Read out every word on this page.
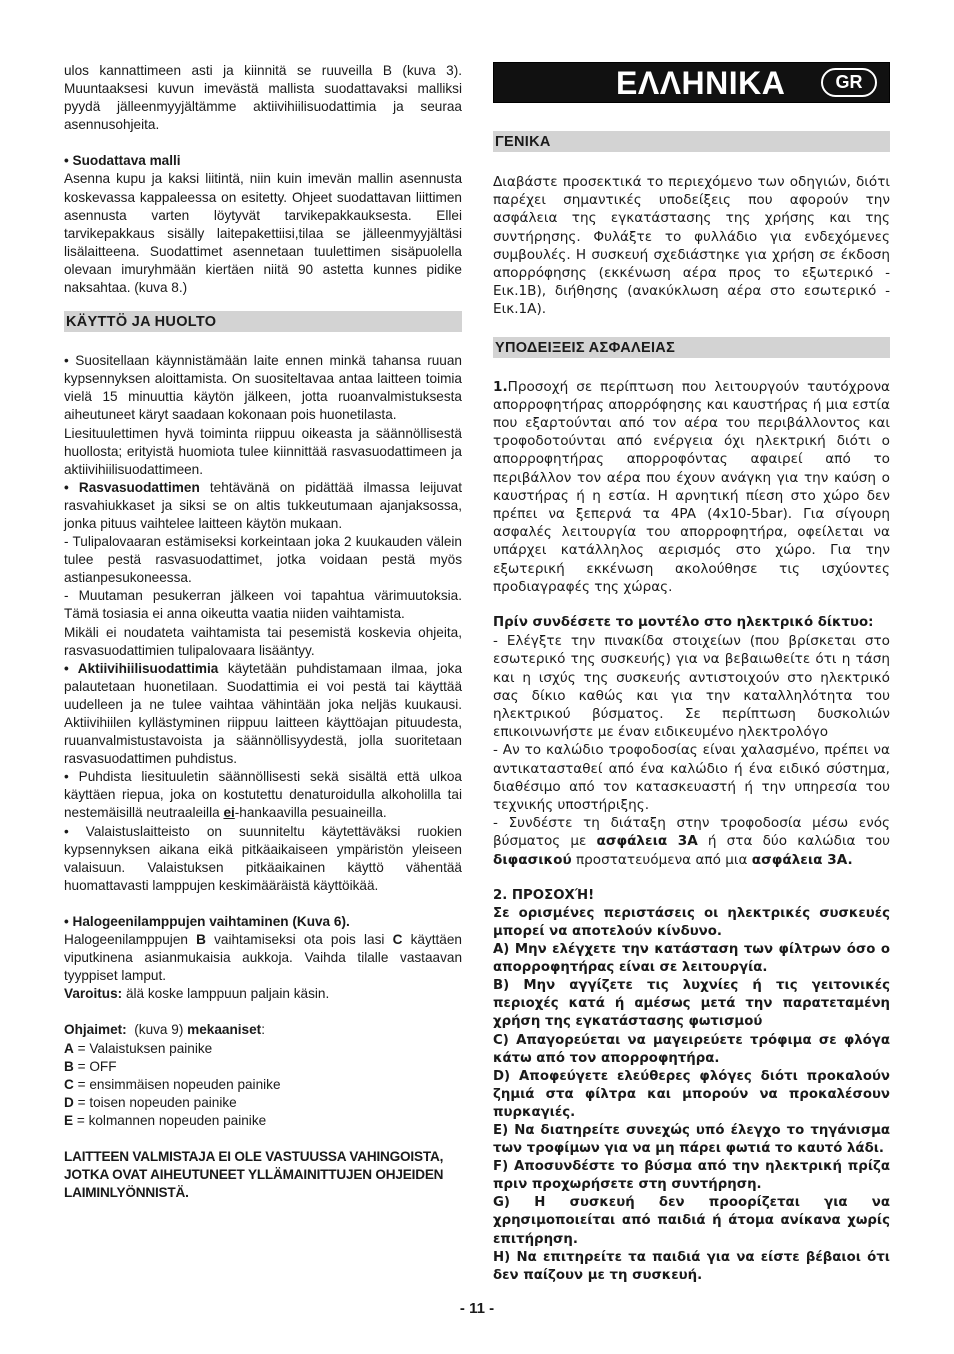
ulos kannattimeen asti ja kiinnitä se ruuveilla B (kuva 3). Muuntaaksesi kuvun imevästä mallista suodattavaksi malliksi pyydä jälleenmyyjältämme aktiivihiilisuodattimia ja seuraa asennusohjeita.

• Suodattava malli

Asenna kupu ja kaksi liitintä, niin kuin imevän mallin asennusta koskevassa kappaleessa on esitetty. Ohjeet suodattavan liittimen asennusta varten löytyvät tarvikepakkauksesta. Ellei tarvikepakkaus sisälly laitepakettiisi,tilaa se jälleenmyyjältäsi lisälaitteena. Suodattimet asennetaan tuulettimen sisäpuolella olevaan imuryhmään kiertäen niitä 90 astetta kunnes pidike naksahtaa. (kuva 8.)

KÄYTTÖ JA HUOLTO

• Suositellaan käynnistämään laite ennen minkä tahansa ruuan kypsennyksen aloittamista. On suositeltavaa antaa laitteen toimia vielä 15 minuuttia käytön jälkeen, jotta ruoanvalmistuksesta aiheutuneet käryt saadaan kokonaan pois huonetilasta.

Liesituulettimen hyvä toiminta riippuu oikeasta ja säännöllisestä huollosta; erityistä huomiota tulee kiinnittää rasvasuodattimeen ja aktiivihiilisuodattimeen.

• Rasvasuodattimen tehtävänä on pidättää ilmassa leijuvat rasvahiukkaset ja siksi se on altis tukkeutumaan ajanjaksossa, jonka pituus vaihtelee laitteen käytön mukaan.

- Tulipalovaaran estämiseksi korkeintaan joka 2 kuukauden välein tulee pestä rasvasuodattimet, jotka voidaan pestä myös astianpesukoneessa.

- Muutaman pesukerran jälkeen voi tapahtua värimuutoksia. Tämä tosiasia ei anna oikeutta vaatia niiden vaihtamista.

Mikäli ei noudateta vaihtamista tai pesemistä koskevia ohjeita, rasvasuodattimien tulipalovaara lisääntyy.

• Aktiivihiilisuodattimia käytetään puhdistamaan ilmaa, joka palautetaan huonetilaan. Suodattimia ei voi pestä tai käyttää uudelleen ja ne tulee vaihtaa vähintään joka neljäs kuukausi. Aktiivihiilen kyllästyminen riippuu laitteen käyttöajan pituudesta, ruuanvalmistustavoista ja säännöllisyydestä, jolla suoritetaan rasvasuodattimen puhdistus.

• Puhdista liesituuletin säännöllisesti sekä sisältä että ulkoa käyttäen riepua, joka on kostutettu denaturoidulla alkoholilla tai nestemäisillä neutraaleilla ei-hankaavilla pesuaineilla.

• Valaistuslaitteisto on suunniteltu käytettäväksi ruokien kypsennyksen aikana eikä pitkäaikaiseen ympäristön yleiseen valaisuun. Valaistuksen pitkäaikainen käyttö vähentää huomattavasti lamppujen keskimääräistä käyttöikää.

• Halogeenilamppujen vaihtaminen (Kuva 6).

Halogeenilamppujen B vaihtamiseksi ota pois lasi C käyttäen viputkinena asianmukaisia aukkoja. Vaihda tilalle vastaavan tyyppiset lamput.

Varoitus: älä koske lamppuun paljain käsin.

Ohjaimet:  (kuva 9) mekaaniset:

A = Valaistuksen painike

B = OFF

C = ensimmäisen nopeuden painike

D = toisen nopeuden painike

E = kolmannen nopeuden painike

LAITTEEN VALMISTAJA EI OLE VASTUUSSA VAHINGOISTA, JOTKA OVAT AIHEUTUNEET YLLÄMAINITTUJEN OHJEIDEN LAIMINLYÖNNISTÄ.

ΕΛΛΗΝΙΚΑ	GR

ΓΕΝΙΚΑ

Διαβάστε προσεκτικά το περιεχόμενο των οδηγιών, διότι παρέχει σημαντικές υποδείξεις που αφορούν την ασφάλεια της εγκατάστασης της χρήσης και της συντήρησης. Φυλάξτε το φυλλάδιο για ενδεχόμενες συμβουλές. Η συσκευή σχεδιάστηκε για χρήση σε έκδοση απορρόφησης (εκκένωση αέρα προς το εξωτερικό - Εικ.1B), διήθησης (ανακύκλωση αέρα στο εσωτερικό - Εικ.1A).

ΥΠΟΔΕΙΞΕΙΣ ΑΣΦΑΛΕΙΑΣ

1.Προσοχή σε περίπτωση που λειτουργούν ταυτόχρονα απορροφητήρας απορρόφησης και καυστήρας ή μια εστία που εξαρτούνται από τον αέρα του περιβάλλοντος και τροφοδοτούνται από ενέργεια όχι ηλεκτρική διότι ο απορροφητήρας απορροφόντας αφαιρεί από το περιβάλλον τον αέρα που έχουν ανάγκη για την καύση ο καυστήρας ή η εστία. Η αρνητική πίεση στο χώρο δεν πρέπει να ξεπερνά τα 4PA (4x10-5bar). Για σίγουρη ασφαλές λειτουργία του απορροφητήρα, οφείλεται να υπάρχει κατάλληλος αερισμός στο χώρο. Για την εξωτερική εκκένωση ακολούθησε τις ισχύοντες προδιαγραφές της χώρας.

Πρίν συνδέσετε το μοντέλο στο ηλεκτρικό δίκτυο:

- Ελέγξτε την πινακίδα στοιχείων (που βρίσκεται στο εσωτερικό της συσκευής) για να βεβαιωθείτε ότι η τάση και η ισχύς της συσκευής αντιστοιχούν στο ηλεκτρικό σας δίκιο καθώς και για την καταλληλότητα του ηλεκτρικού βύσματος. Σε περίπτωση δυσκολιών επικοινωνήστε με έναν ειδικευμένο ηλεκτρολόγο

- Αν το καλώδιο τροφοδοσίας είναι χαλασμένο, πρέπει να αντικατασταθεί από ένα καλώδιο ή ένα ειδικό σύστημα, διαθέσιμο από τον κατασκευαστή ή την υπηρεσία του τεχνικής υποστήριξης.

- Συνδέστε τη διάταξη στην τροφοδοσία μέσω ενός βύσματος με ασφάλεια 3A ή στα δύο καλώδια του διφασικού προστατευόμενα από μια ασφάλεια 3A.

2. ΠΡΟΣΟΧΉ!

Σε ορισμένες περιστάσεις οι ηλεκτρικές συσκευές μπορεί να αποτελούν κίνδυνο.

A) Μην ελέγχετε την κατάσταση των φίλτρων όσο ο απορροφητήρας είναι σε λειτουργία.

B) Μην αγγίζετε τις λυχνίες ή τις γειτονικές περιοχές κατά ή αμέσως μετά την παρατεταμένη χρήση της εγκατάστασης φωτισμού

C) Απαγορεύεται να μαγειρεύετε τρόφιμα σε φλόγα κάτω από τον απορροφητήρα.

D) Αποφεύγετε ελεύθερες φλόγες διότι προκαλούν ζημιά στα φίλτρα και μπορούν να προκαλέσουν πυρκαγιές.

E) Να διατηρείτε συνεχώς υπό έλεγχο το τηγάνισμα των τροφίμων για να μη πάρει φωτιά το καυτό λάδι.

F) Αποσυνδέστε το βύσμα από την ηλεκτρική πρίζα πριν προχωρήσετε στη συντήρηση.

G) Η συσκευή δεν προορίζεται για να χρησιμοποιείται από παιδιά ή άτομα ανίκανα χωρίς επιτήρηση.

H) Να επιτηρείτε τα παιδιά για να είστε βέβαιοι ότι δεν παίζουν με τη συσκευή.

- 11 -
